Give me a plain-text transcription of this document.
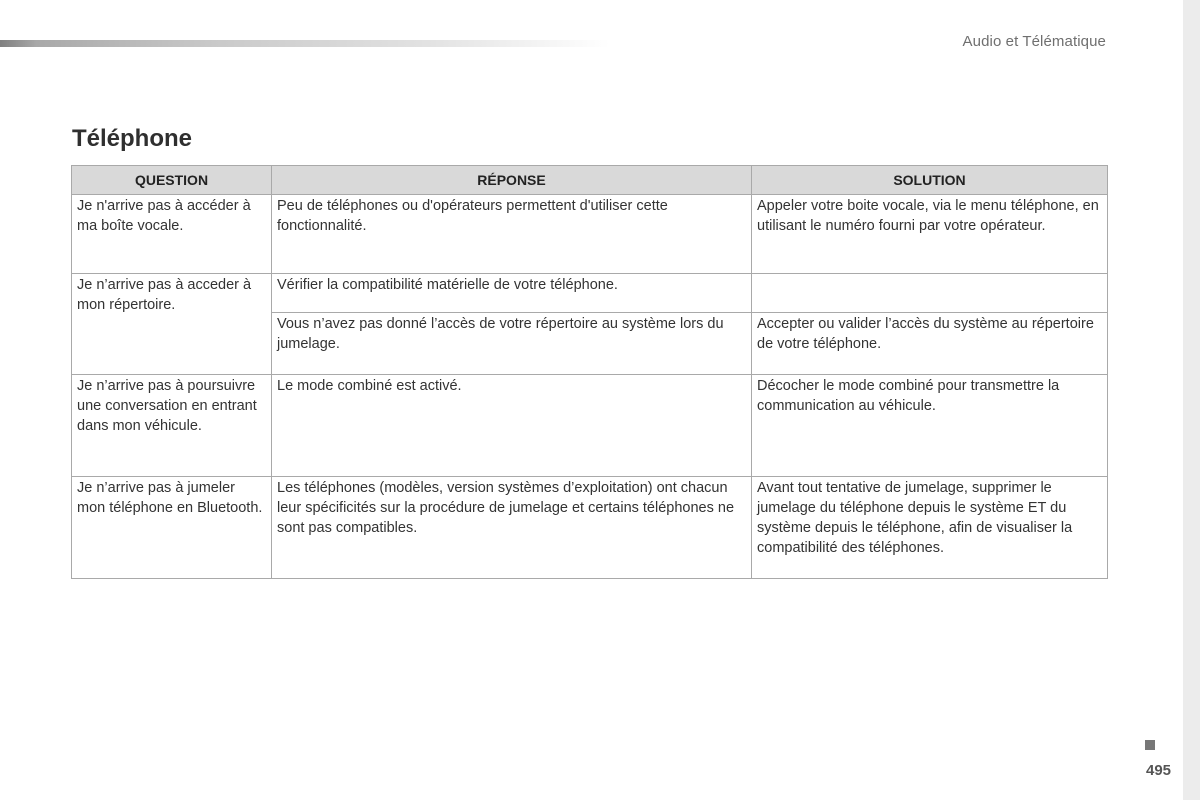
Audio et Télématique
Téléphone
QUESTION	RÉPONSE	SOLUTION
Je n'arrive pas à accéder à ma boîte vocale.	Peu de téléphones ou d'opérateurs permettent d'utiliser cette fonctionnalité.	Appeler votre boite vocale, via le menu téléphone, en utilisant le numéro fourni par votre opérateur.
Je n’arrive pas à acceder à mon répertoire.	Vérifier la compatibilité matérielle de votre téléphone.	
	Vous n’avez pas donné l’accès de votre répertoire au système lors du jumelage.	Accepter ou valider l’accès du système au répertoire de votre téléphone.
Je n’arrive pas à poursuivre une conversation en entrant dans mon véhicule.	Le mode combiné est activé.	Décocher le mode combiné pour transmettre la communication au véhicule.
Je n’arrive pas à jumeler mon téléphone en Bluetooth.	Les téléphones (modèles, version systèmes d’exploitation) ont chacun leur spécificités sur la procédure de jumelage et certains téléphones ne sont pas compatibles.	Avant tout tentative de jumelage, supprimer le jumelage du téléphone depuis le système ET du système depuis le téléphone, afin de visualiser la compatibilité des téléphones.
495
